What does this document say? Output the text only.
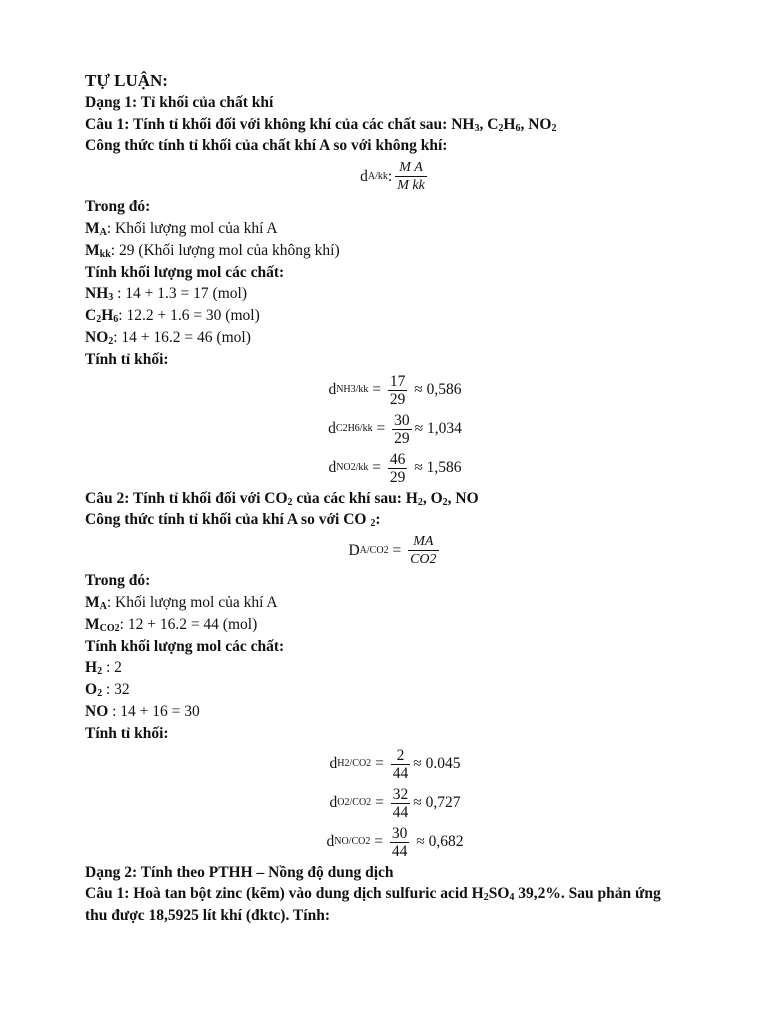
TỰ LUẬN:
Dạng 1: Tỉ khối của chất khí
Câu 1: Tính tỉ khối đối với không khí của các chất sau: $NH_3$, $C_2H_6$, $NO_2$
Công thức tính tỉ khối của chất khí A so với không khí:
d A/kk : $\frac{\text{M A}}{\text{M kk}}$
Trong đó:
$M_A$: Khối lượng mol của khí A
$M_{kk}$: 29 (Khối lượng mol của không khí)
Tính khối lượng mol các chất:
$NH_3$ : 14 + 1.3 = 17 (mol)
$C_2H_6$: 12.2 + 1.6 = 30 (mol)
$NO_2$: 14 + 16.2 = 46 (mol)
Tính tỉ khối:
d $NH3/kk = \frac{17}{29} \approx 0,586$
d $C2H6/kk = \frac{30}{29} \approx 1,034$
d $NO2/kk = \frac{46}{29} \approx 1,586$
Câu 2: Tính tỉ khối đối với $CO_2$ của các khí sau: $H_2$, $O_2$, NO
Công thức tính tỉ khối của khí A so với CO $_2$:
D $A/CO2 = \frac{MA}{CO2}$
Trong đó:
$M_A$: Khối lượng mol của khí A
$M_{CO2}$: 12 + 16.2 = 44 (mol)
Tính khối lượng mol các chất:
$H_2$ : 2
$O_2$ : 32
NO : 14 + 16 = 30
Tính tỉ khối:
d $H2/CO2 = \frac{2}{44} \approx 0.045$
d $O2/CO2 = \frac{32}{44} \approx 0,727$
d $NO/CO2 = \frac{30}{44} \approx 0,682$
Dạng 2: Tính theo PTHH – Nồng độ dung dịch
Câu 1: Hoà tan bột zinc (kẽm) vào dung dịch sulfuric acid $H_2SO_4$ 39,2%. Sau phản ứng
thu được 18,5925 lít khí (đktc). Tính:
